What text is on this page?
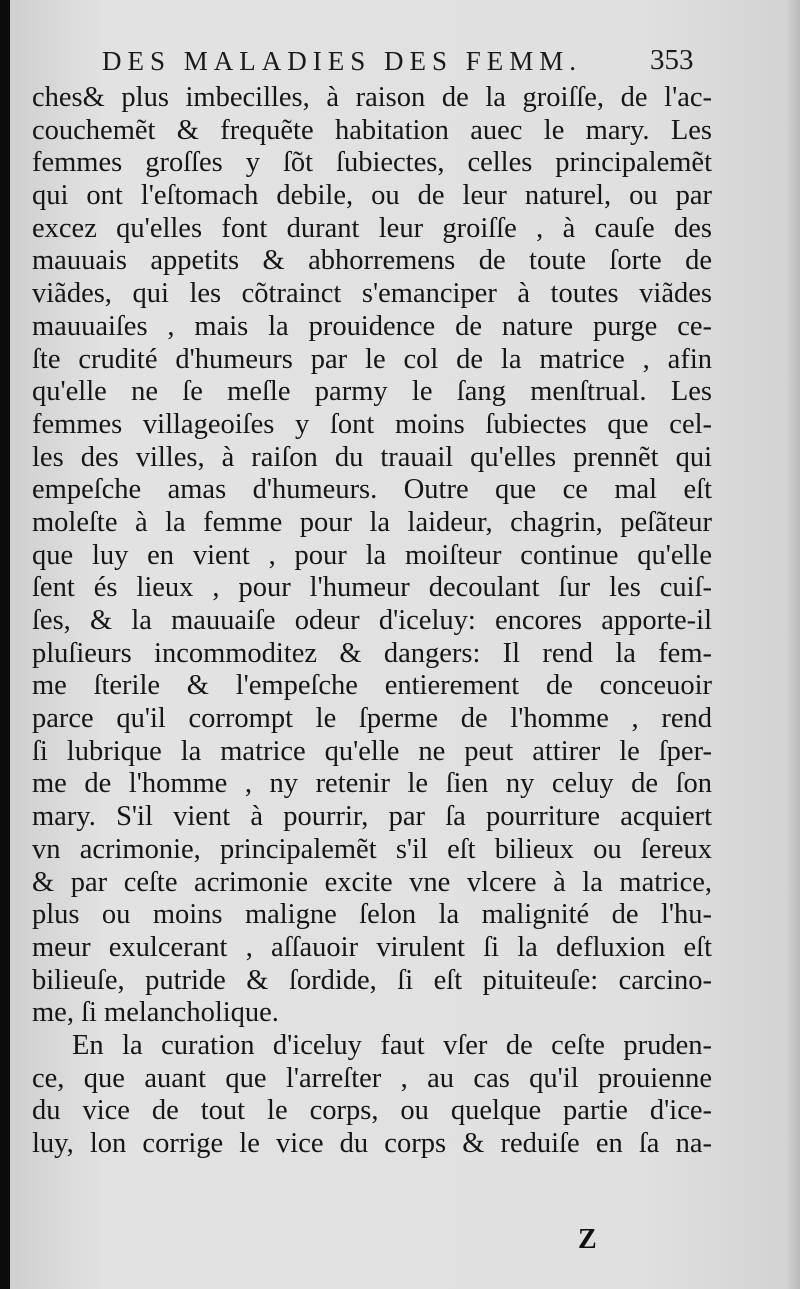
DES MALADIES DES FEMM. 353
ches& plus imbecilles, à raison de la groiſſe, de l'ac-
couchemẽt & frequẽte habitation auec le mary. Les
femmes groſſes y ſõt ſubiectes, celles principalemẽt
qui ont l'eſtomach debile, ou de leur naturel, ou par
excez qu'elles font durant leur groiſſe , à cauſe des
mauuais appetits & abhorremens de toute ſorte de
viãdes, qui les cõtrainct s'emanciper à toutes viãdes
mauuaiſes , mais la prouidence de nature purge ce-
ſte crudité d'humeurs par le col de la matrice , afin
qu'elle ne ſe meſle parmy le ſang menſtrual. Les
femmes villageoiſes y ſont moins ſubiectes que cel-
les des villes, à raiſon du trauail qu'elles prennẽt qui
empeſche amas d'humeurs. Outre que ce mal eſt
moleſte à la femme pour la laideur, chagrin, peſãteur
que luy en vient , pour la moiſteur continue qu'elle
ſent és lieux , pour l'humeur decoulant ſur les cuiſ-
ſes, & la mauuaiſe odeur d'iceluy: encores apporte-il
pluſieurs incommoditez & dangers: Il rend la fem-
me ſterile & l'empeſche entierement de conceuoir
parce qu'il corrompt le ſperme de l'homme , rend
ſi lubrique la matrice qu'elle ne peut attirer le ſper-
me de l'homme , ny retenir le ſien ny celuy de ſon
mary. S'il vient à pourrir, par ſa pourriture acquiert
vn acrimonie, principalemẽt s'il eſt bilieux ou ſereux
& par ceſte acrimonie excite vne vlcere à la matrice,
plus ou moins maligne ſelon la malignité de l'hu-
meur exulcerant , aſſauoir virulent ſi la defluxion eſt
bilieuſe, putride & ſordide, ſi eſt pituiteuſe: carcino-
me, ſi melancholique.
En la curation d'iceluy faut vſer de ceſte pruden-
ce, que auant que l'arreſter , au cas qu'il prouienne
du vice de tout le corps, ou quelque partie d'ice-
luy, lon corrige le vice du corps & reduiſe en ſa na-
Z
